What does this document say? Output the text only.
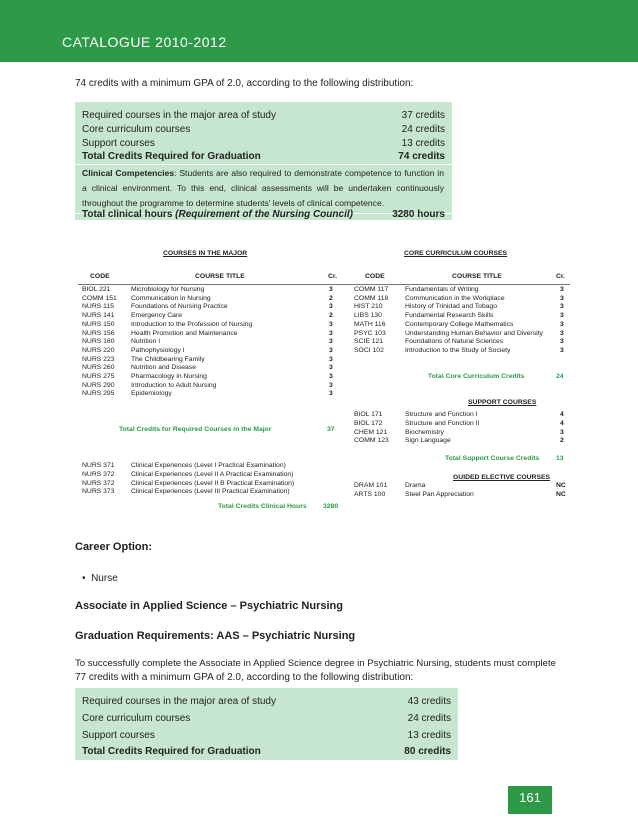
CATALOGUE 2010-2012
74 credits with a minimum GPA of 2.0, according to the following distribution:
Required courses in the major area of study	37 credits
Core curriculum courses	24 credits
Support courses	13 credits
Total Credits Required for Graduation	74 credits
Clinical Competencies: Students are also required to demonstrate competence to function in a clinical environment. To this end, clinical assessments will be undertaken continuously throughout the programme to determine students' levels of clinical competence.
Total clinical hours (Requirement of the Nursing Council)	3280 hours
COURSES IN THE MAJOR	CORE CURRICULUM COURSES
CODE	COURSE TITLE	Cr.	CODE	COURSE TITLE	Cr.
BIOL 221	Microbiology for Nursing	3
COMM 151 Communication in Nursing	2
NURS 115	Foundations of Nursing Practice	3
NURS 141 Emergency Care	2
NURS 150 Introduction to the Profession of Nursing	3
NURS 156 Health Promotion and Maintenance	3
NURS 160 Nutrition I	3
NURS 220 Pathophysiology I	3
NURS 223 The Childbearing Family	3
NURS 260 Nutrition and Disease	3
NURS 275 Pharmacology in Nursing	3
NURS 290 Introduction to Adult Nursing	3
NURS 295 Epidemiology	3
COMM 117 Fundamentals of Writing	3
COMM 118 Communication in the Workplace	3
HIST 210	History of Trinidad and Tobago	3
LIBS 130	Fundamental Research Skills	3
MATH 116	Contemporary College Mathematics	3
PSYC 103	Understanding Human Behavior and Diversity	3
SCIE 121	Foundations of Natural Sciences	3
SOCI 102	Introduction to the Study of Society	3
Total Credits for Required Courses in the Major	37
Total Core Curriculum Credits	24
SUPPORT COURSES
BIOL 171	Structure and Function I	4
BIOL 172	Structure and Function II	4
CHEM 121	Biochemistry	3
COMM 123 Sign Language	2
Total Support Course Credits 13
NURS 371 Clinical Experiences (Level I Practical Examination)
NURS 372 Clinical Experiences (Level II A Practical Examination)
NURS 372 Clinical Experiences (Level II B Practical Examination)
NURS 373 Clinical Experiences (Level III Practical Examination)
GUIDED ELECTIVE COURSES
DRAM 101	Drama	NC
ARTS 100	Steel Pan Appreciation	NC
Total Credits Clinical Hours 3280
Career Option:
• Nurse
Associate in Applied Science – Psychiatric Nursing
Graduation Requirements: AAS – Psychiatric Nursing
To successfully complete the Associate in Applied Science degree in Psychiatric Nursing, students must complete
77 credits with a minimum GPA of 2.0, according to the following distribution:
Required courses in the major area of study	43 credits
Core curriculum courses	24 credits
Support courses	13 credits
Total Credits Required for Graduation	80 credits
161
